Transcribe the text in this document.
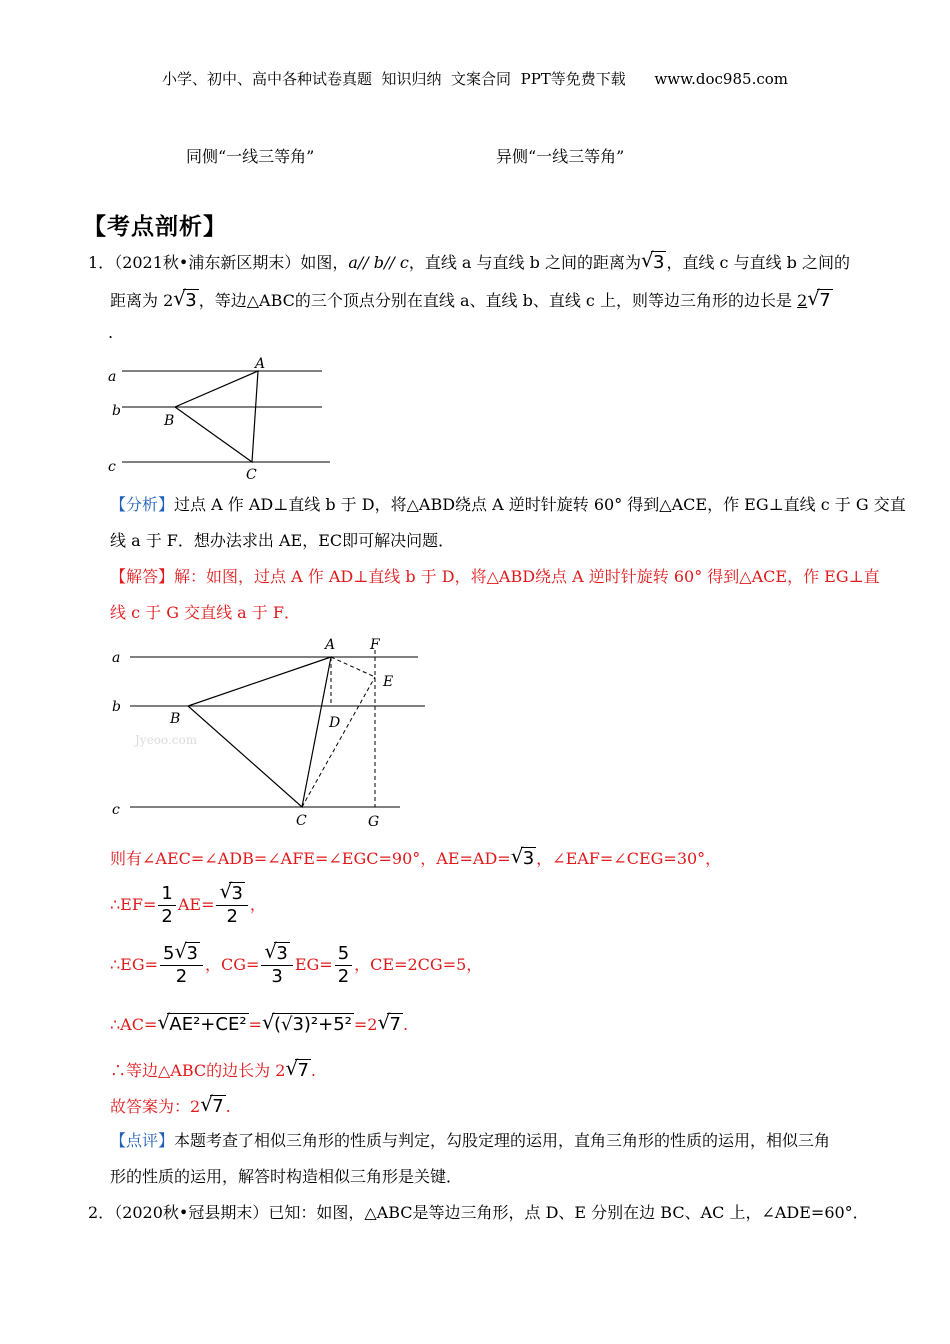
小学、初中、高中各种试卷真题  知识归纳  文案合同  PPT等免费下载      www.doc985.com
同侧“一线三等角”	异侧“一线三等角”
【考点剖析】
1．（2021秋•浦东新区期末）如图，a// b// c，直线 a 与直线 b 之间的距离为 √ 3 ，直线 c 与直线 b 之间的
距离为 2 √ 3 ，等边△ABC的三个顶点分别在直线 a、直线 b、直线 c 上，则等边三角形的边长是 2 √ 7
.
a
b
c
A
B
C
【分析】过点 A 作 AD⊥直线 b 于 D，将△ABD绕点 A 逆时针旋转 60° 得到△ACE，作 EG⊥直线 c 于 G 交直
线 a 于 F．想办法求出 AE，EC即可解决问题．
【解答】解：如图，过点 A 作 AD⊥直线 b 于 D，将△ABD绕点 A 逆时针旋转 60° 得到△ACE，作 EG⊥直
线 c 于 G 交直线 a 于 F．
a
b
c
A
B
C
D
E
F
G
Jyeoo.com
则有∠AEC=∠ADB=∠AFE=∠EGC=90°，AE=AD= √ 3 ，∠EAF=∠CEG=30°，
∴EF= $\frac{1}{2} AE= \frac{√ 3}{2}$ ，
∴EG= $\frac{5 √ 3}{2}$ ，$CG= \frac{√ 3}{3} EG= \frac{5}{2}$ ，CE=2CG=5，
∴AC= √ AE²+CE² = √ (√3)²+5² =2 √ 7 .
∴等边△ABC的边长为 2 √ 7 .
故答案为：2 √ 7 .
【点评】本题考查了相似三角形的性质与判定，勾股定理的运用，直角三角形的性质的运用，相似三角
形的性质的运用，解答时构造相似三角形是关键．
2．（2020秋•冠县期末）已知：如图，△ABC是等边三角形，点 D、E 分别在边 BC、AC 上，∠ADE=60°．
